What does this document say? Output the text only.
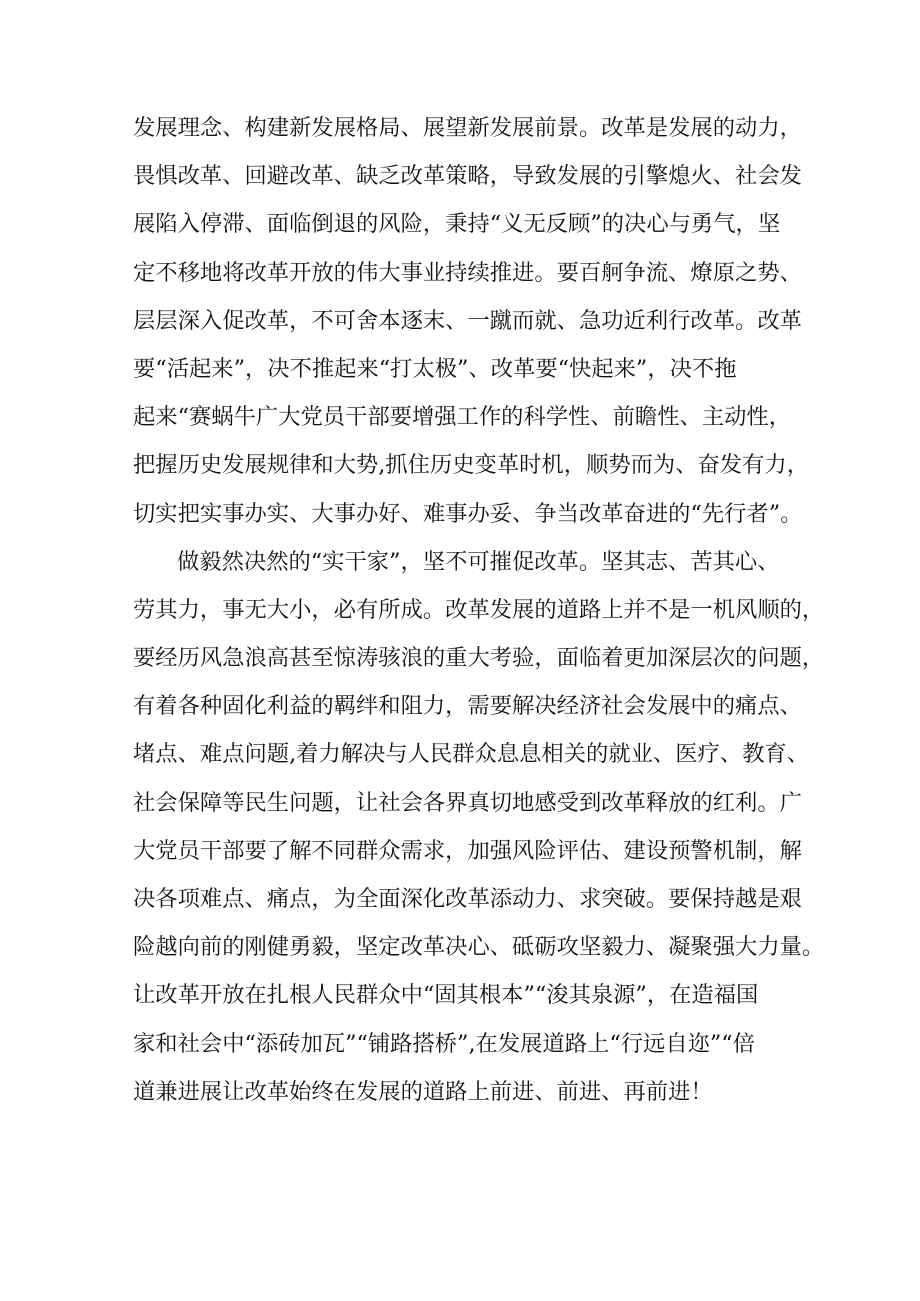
发展理念、构建新发展格局、展望新发展前景。改革是发展的动力，
畏惧改革、回避改革、缺乏改革策略，导致发展的引擎熄火、社会发
展陷入停滞、面临倒退的风险，秉持“义无反顾”的决心与勇气，坚
定不移地将改革开放的伟大事业持续推进。要百舸争流、燎原之势、
层层深入促改革，不可舍本逐末、一蹴而就、急功近利行改革。改革
要“活起来”，决不推起来“打太极”、改革要“快起来”，决不拖
起来“赛蜗牛广大党员干部要增强工作的科学性、前瞻性、主动性，
把握历史发展规律和大势,抓住历史变革时机，顺势而为、奋发有力，
切实把实事办实、大事办好、难事办妥、争当改革奋进的“先行者”。
做毅然决然的“实干家”，坚不可摧促改革。坚其志、苦其心、
劳其力，事无大小，必有所成。改革发展的道路上并不是一机风顺的，
要经历风急浪高甚至惊涛骇浪的重大考验，面临着更加深层次的问题，
有着各种固化利益的羁绊和阻力，需要解决经济社会发展中的痛点、
堵点、难点问题,着力解决与人民群众息息相关的就业、医疗、教育、
社会保障等民生问题，让社会各界真切地感受到改革释放的红利。广
大党员干部要了解不同群众需求，加强风险评估、建设预警机制，解
决各项难点、痛点，为全面深化改革添动力、求突破。要保持越是艰
险越向前的刚健勇毅，坚定改革决心、砥砺攻坚毅力、凝聚强大力量。
让改革开放在扎根人民群众中“固其根本”“浚其泉源”，在造福国
家和社会中“添砖加瓦”“铺路搭桥”,在发展道路上“行远自迩”“倍
道兼进展让改革始终在发展的道路上前进、前进、再前进！
